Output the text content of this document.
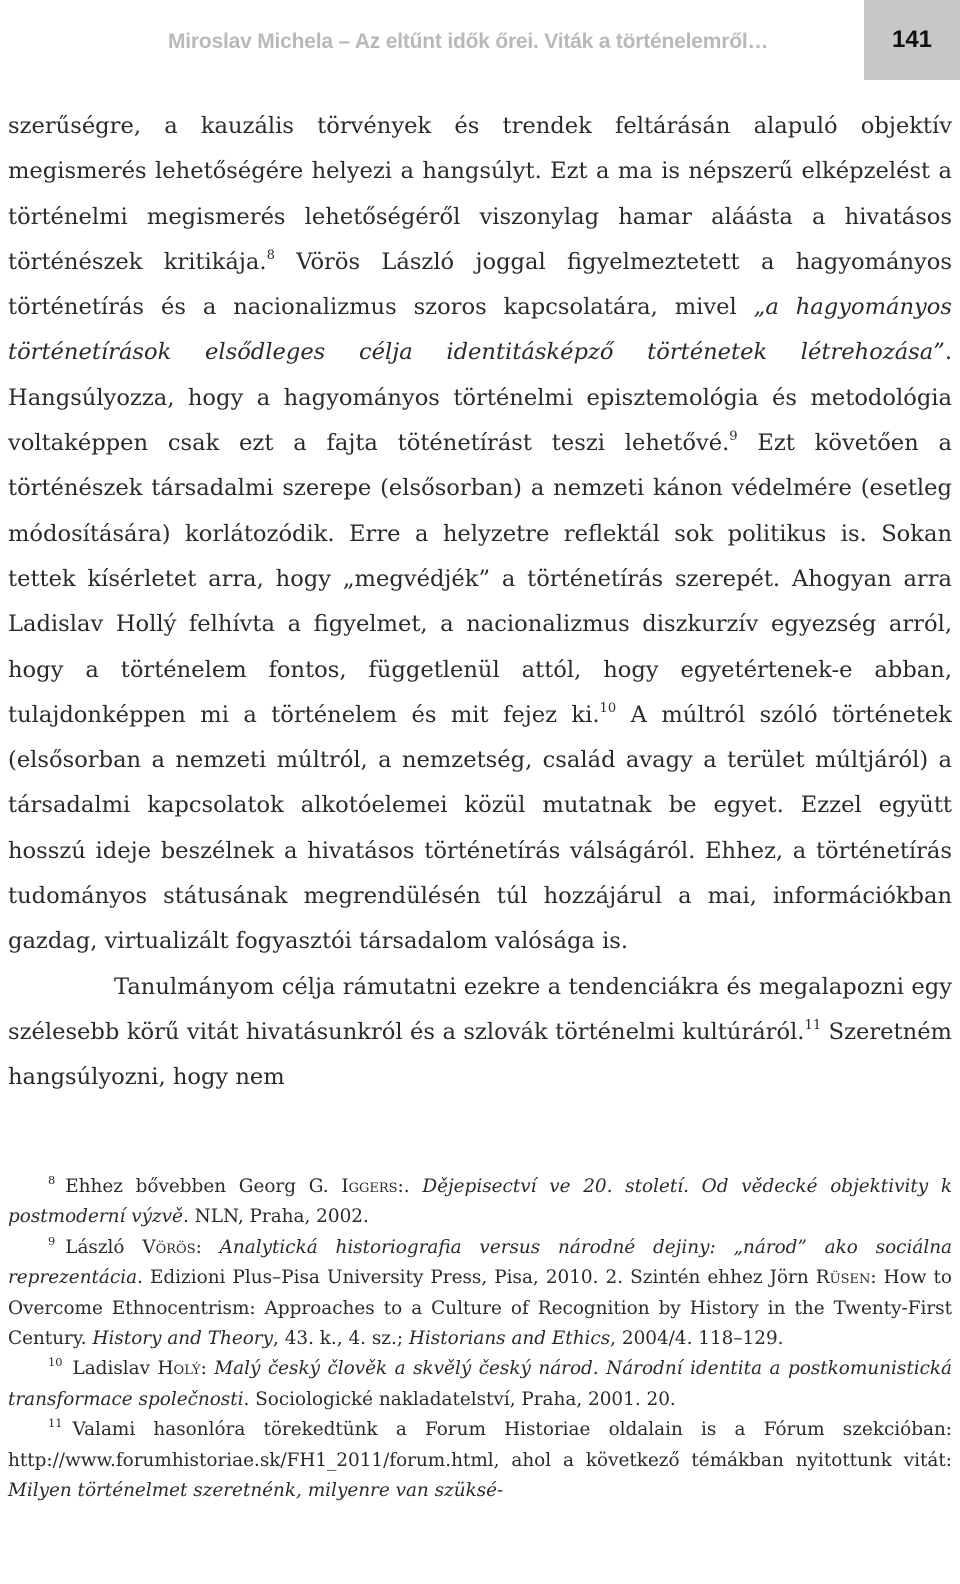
Miroslav Michela – Az eltűnt idők őrei. Viták a történelemről…	141

szerűségre, a kauzális törvények és trendek feltárásán alapuló objektív megismerés lehetőségére helyezi a hangsúlyt. Ezt a ma is népszerű elképzelést a történelmi megismerés lehetőségéről viszonylag hamar aláásta a hivatásos történészek kritikája.$^8$ Vörös László joggal figyelmeztetett a hagyományos történetírás és a nacionalizmus szoros kapcsolatára, mivel „a hagyományos történetírások elsődleges célja identitásképző történetek létrehozása”. Hangsúlyozza, hogy a hagyományos történelmi episztemológia és metodológia voltaképpen csak ezt a fajta töténetírást teszi lehetővé.$^9$ Ezt követően a történészek társadalmi szerepe (elsősorban) a nemzeti kánon védelmére (esetleg módosítására) korlátozódik. Erre a helyzetre reflektál sok politikus is. Sokan tettek kísérletet arra, hogy „megvédjék” a történetírás szerepét. Ahogyan arra Ladislav Hollý felhívta a figyelmet, a nacionalizmus diszkurzív egyezség arról, hogy a történelem fontos, függetlenül attól, hogy egyetértenek-e abban, tulajdonképpen mi a történelem és mit fejez ki.$^{10}$ A múltról szóló történetek (elsősorban a nemzeti múltról, a nemzetség, család avagy a terület múltjáról) a társadalmi kapcsolatok alkotóelemei közül mutatnak be egyet. Ezzel együtt hosszú ideje beszélnek a hivatásos történetírás válságáról. Ehhez, a történetírás tudományos státusának megrendülésén túl hozzájárul a mai, információkban gazdag, virtualizált fogyasztói társadalom valósága is.

Tanulmányom célja rámutatni ezekre a tendenciákra és megalapozni egy szélesebb körű vitát hivatásunkról és a szlovák történelmi kultúráról.$^{11}$ Szeretném hangsúlyozni, hogy nem

$^8$ Ehhez bővebben Georg G. Iggers:. Dějepisectví ve 20. století. Od vědecké objektivity k postmoderní výzvě. NLN, Praha, 2002.

$^9$ László Vörös: Analytická historiografia versus národné dejiny: „národ” ako sociálna reprezentácia. Edizioni Plus–Pisa University Press, Pisa, 2010. 2. Szintén ehhez Jörn Rüsen: How to Overcome Ethnocentrism: Approaches to a Culture of Recognition by History in the Twenty-First Century. History and Theory, 43. k., 4. sz.; Historians and Ethics, 2004/4. 118–129.

$^{10}$ Ladislav Holý: Malý český člověk a skvělý český národ. Národní identita a postkomunistická transformace společnosti. Sociologické nakladatelství, Praha, 2001. 20.

$^{11}$ Valami hasonlóra törekedtünk a Forum Historiae oldalain is a Fórum szekcióban: http://www.forumhistoriae.sk/FH1_2011/forum.html, ahol a következő témákban nyitottunk vitát: Milyen történelmet szeretnénk, milyenre van szüksé-
